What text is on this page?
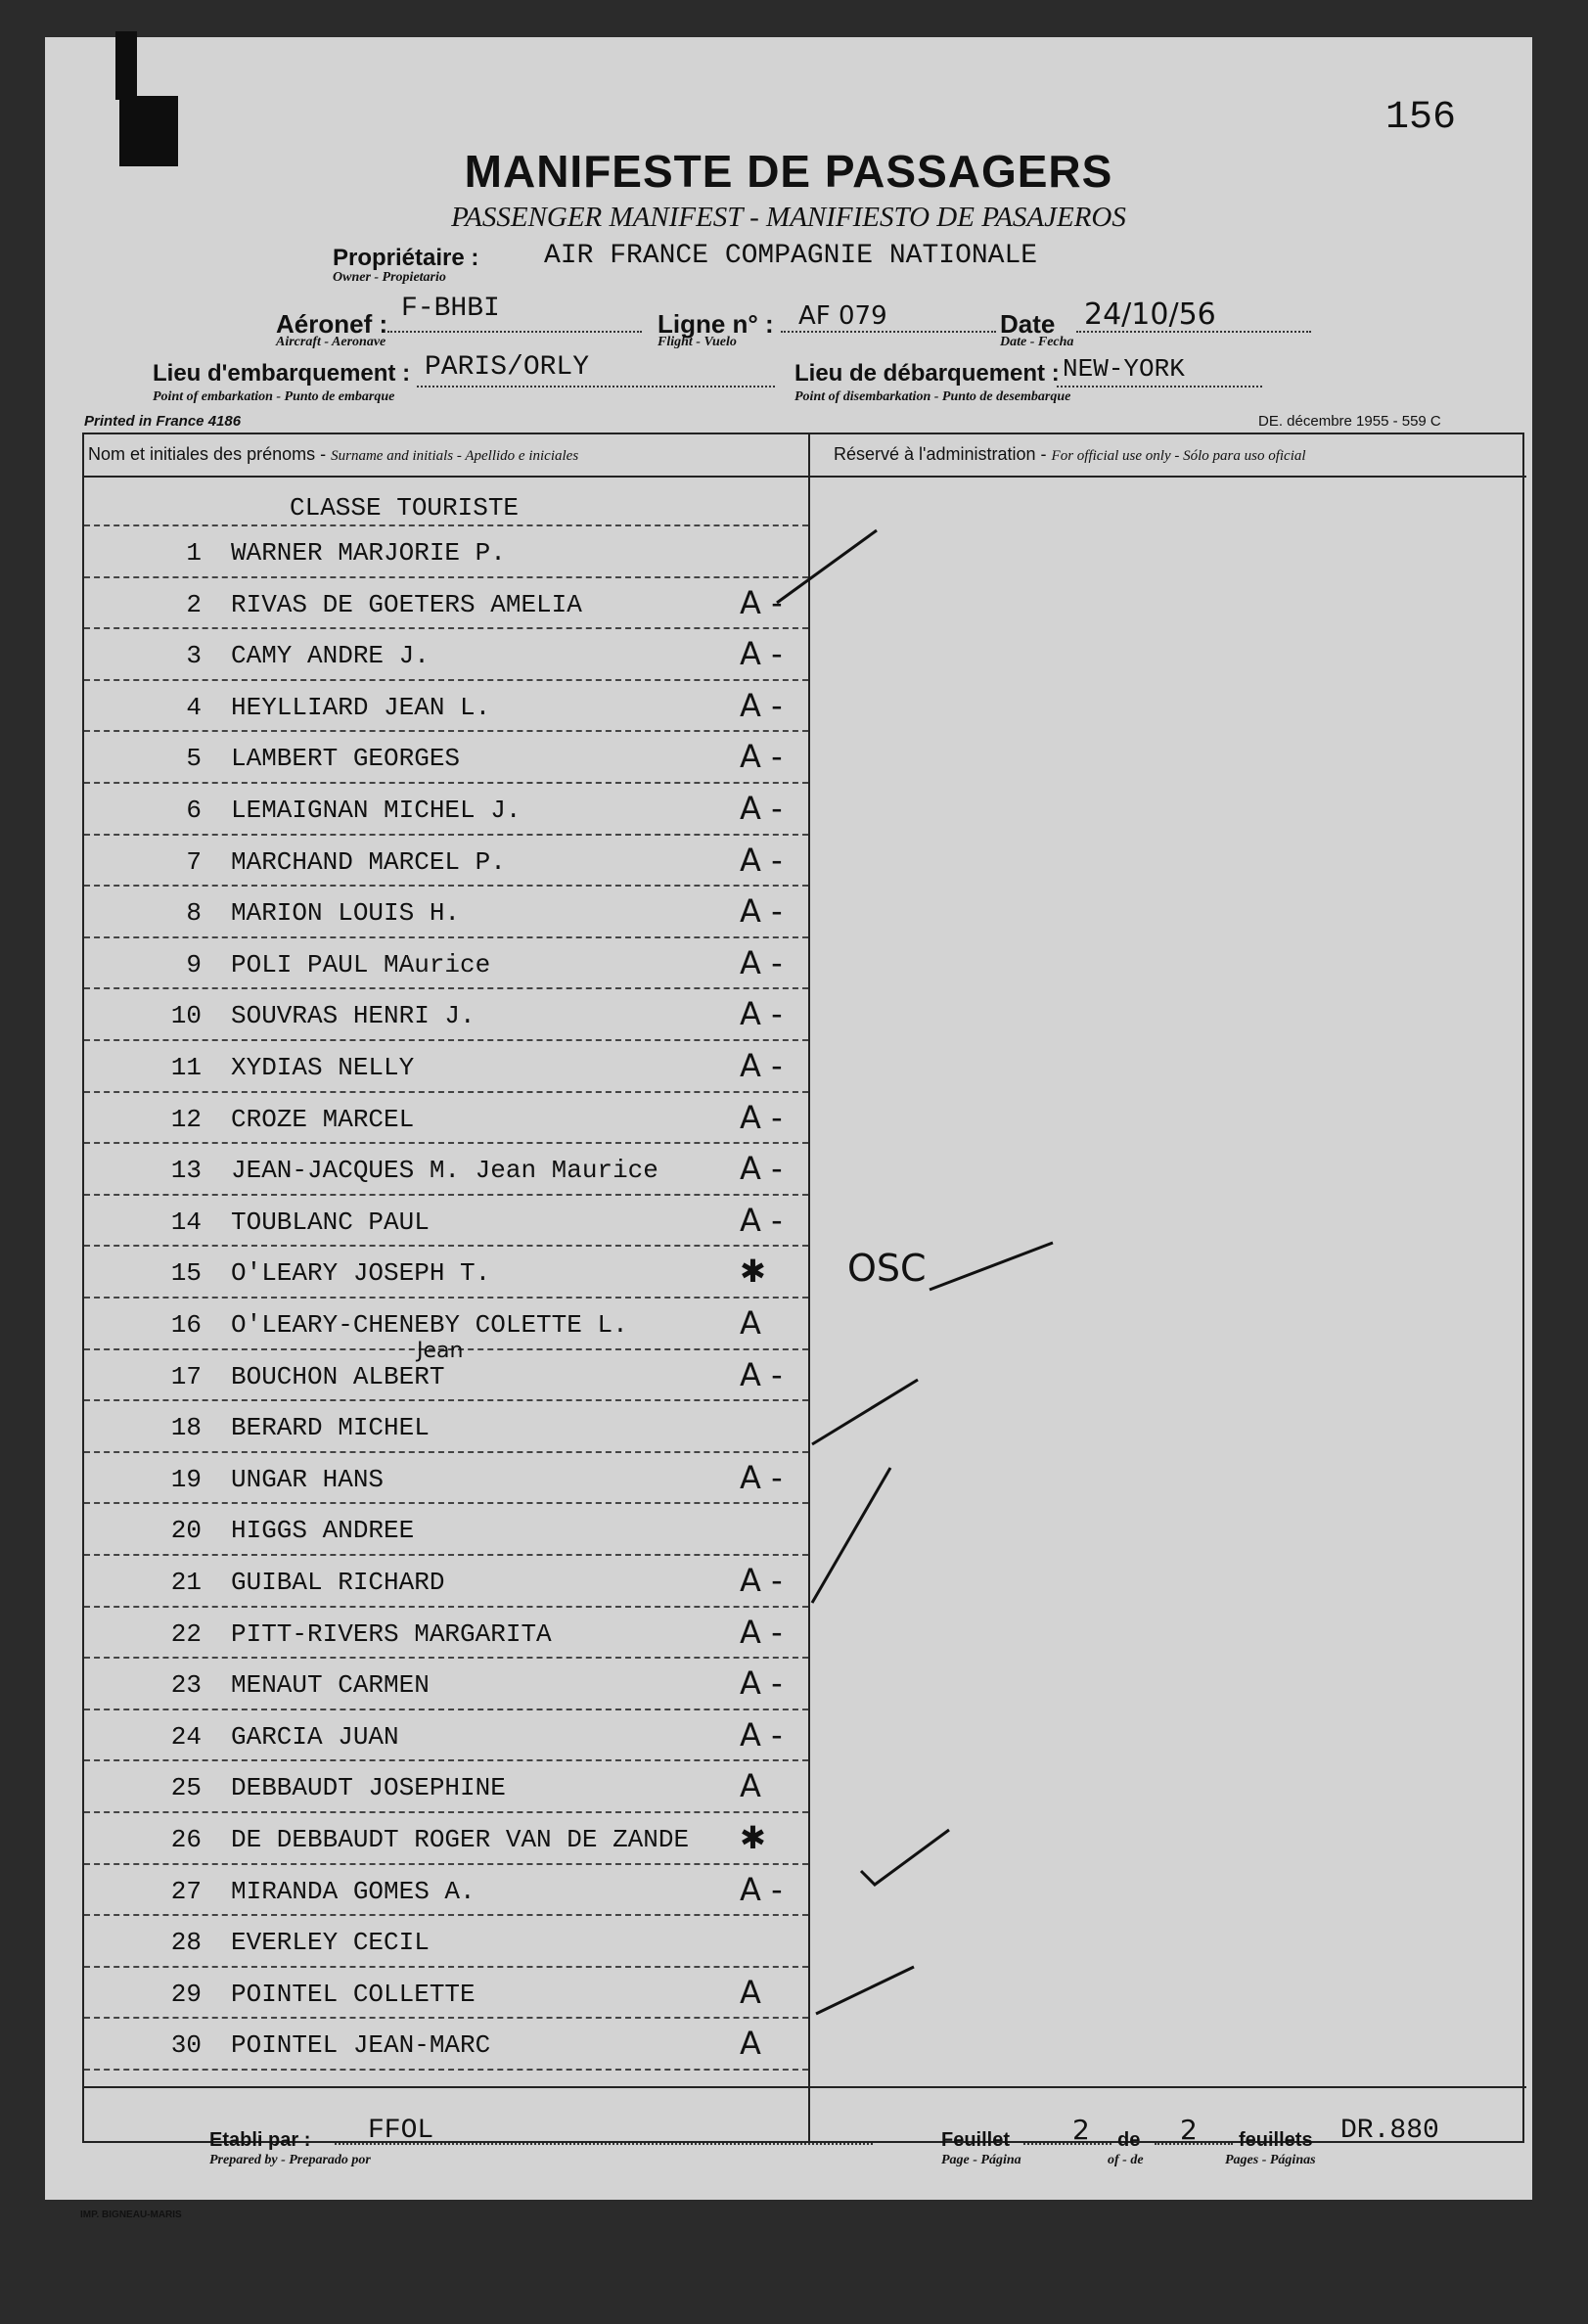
156
MANIFESTE DE PASSAGERS
PASSENGER MANIFEST - MANIFIESTO DE PASAJEROS
Propriétaire :
Owner - Propietario
AIR FRANCE COMPAGNIE NATIONALE
Aéronef :
Aircraft - Aeronave
F-BHBI	Ligne n° :
Flight - Vuelo
AF 079	Date
Date - Fecha
24/10/56
Lieu d'embarquement :
Point of embarkation - Punto de embarque
PARIS/ORLY	Lieu de débarquement :
Point of disembarkation - Punto de desembarque
NEW-YORK
Printed in France 4186	DE. décembre 1955 - 559 C
Nom et initiales des prénoms - Surname and initials - Apellido e iniciales	Réservé à l'administration - For official use only - Sólo para uso oficial
CLASSE TOURISTE
1 WARNER MARJORIE P.
2 RIVAS DE GOETERS AMELIA	A -
3 CAMY ANDRE J.	A -
4 HEYLLIARD JEAN L.	A -
5 LAMBERT GEORGES	A -
6 LEMAIGNAN MICHEL J.	A -
7 MARCHAND MARCEL P.	A -
8 MARION LOUIS H.	A -
9 POLI PAUL MAurice	A -
10 SOUVRAS HENRI J.	A -
11 XYDIAS NELLY	A -
12 CROZE MARCEL	A -
13 JEAN-JACQUES M. Jean Maurice	A -
14 TOUBLANC PAUL	A -
15 O'LEARY JOSEPH T.	✱
16 O'LEARY-CHENEBY COLETTE L.	A
17 BOUCHON ALBERT	A -
18 BERARD MICHEL
19 UNGAR HANS	A -
20 HIGGS ANDREE
21 GUIBAL RICHARD	A -
22 PITT-RIVERS MARGARITA	A -
23 MENAUT CARMEN	A -
24 GARCIA JUAN	A -
25 DEBBAUDT JOSEPHINE	A
26 DE DEBBAUDT ROGER VAN DE ZANDE ✱
27 MIRANDA GOMES A.	A -
28 EVERLEY CECIL
29 POINTEL COLLETTE	A
30 POINTEL JEAN-MARC	A
OSC
Jean
Etabli par :
Prepared by - Preparado por
FFOL	Feuillet
Page - Página
2 de
of - de
2 feuillets
Pages - Páginas
DR.880
IMP. BIGNEAU-MARIS
